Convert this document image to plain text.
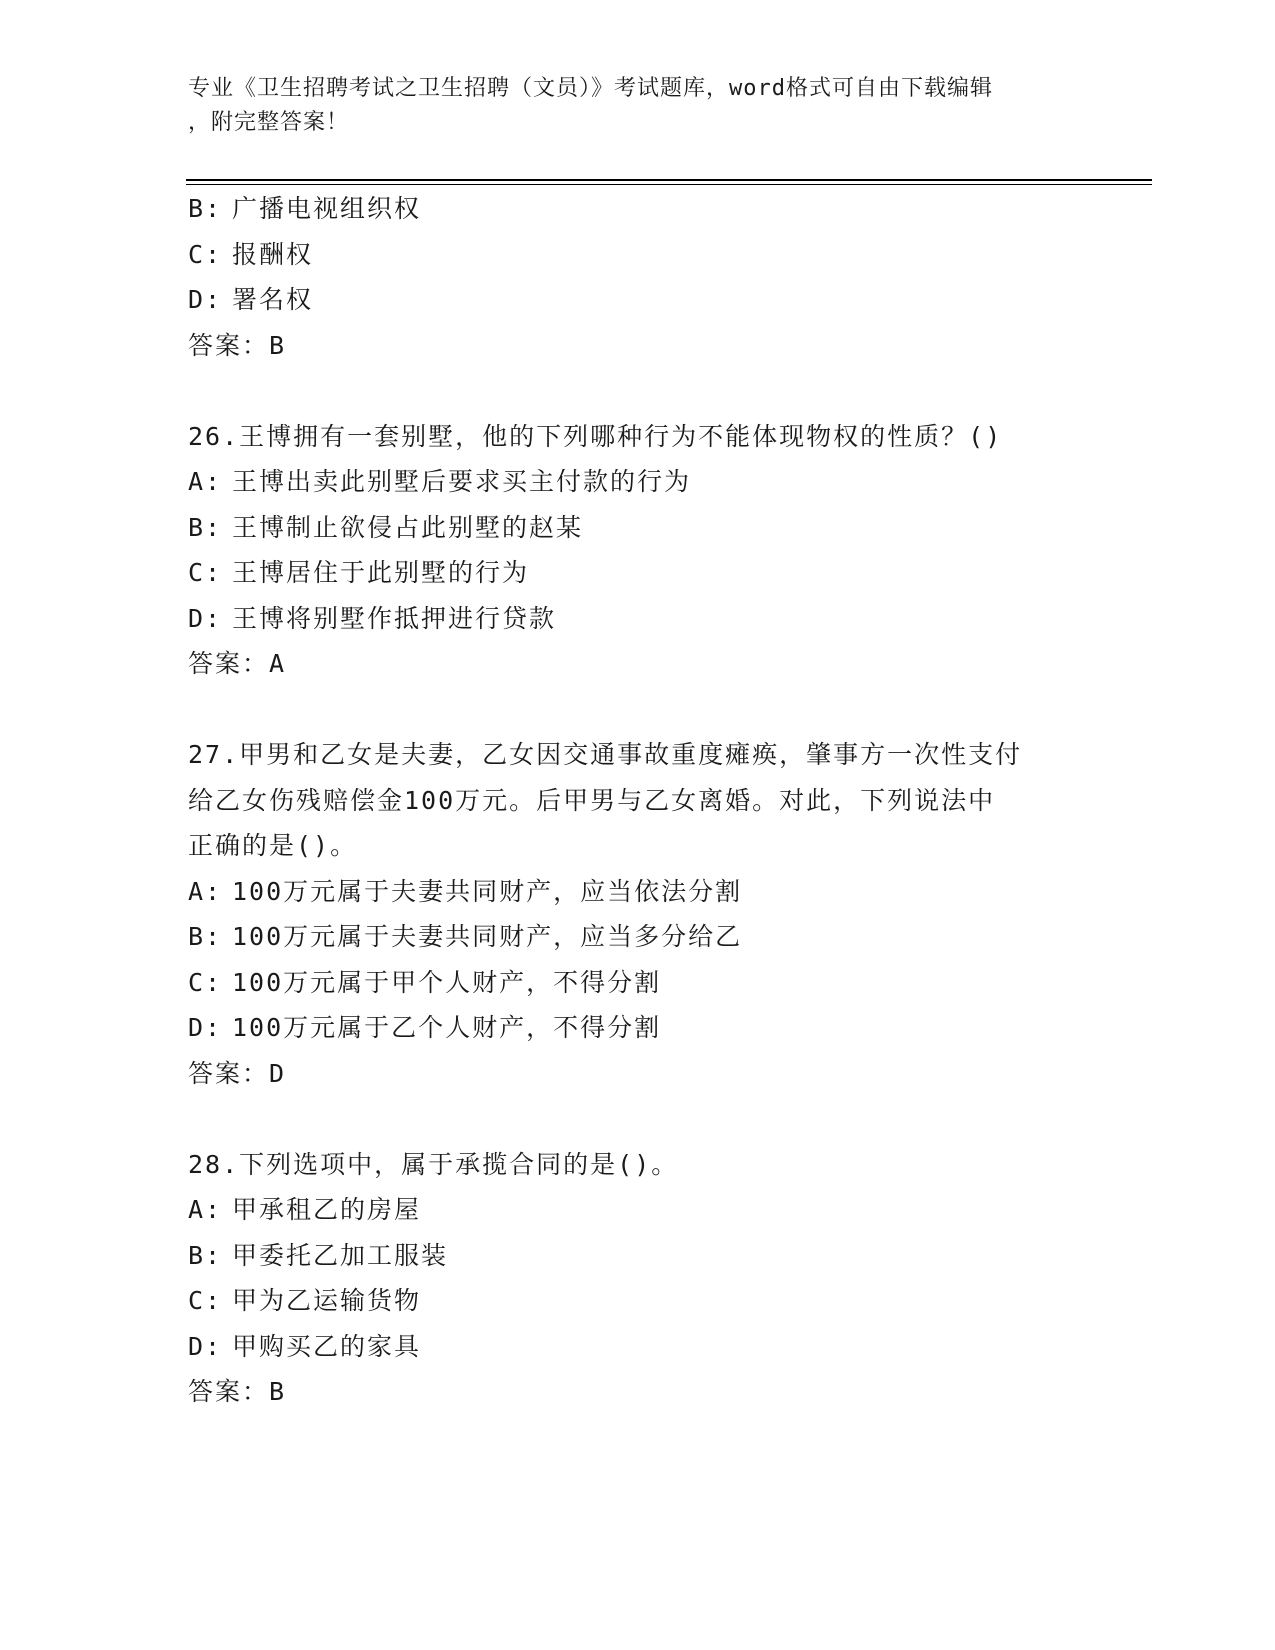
专业《卫生招聘考试之卫生招聘（文员）》考试题库，word格式可自由下载编辑
，附完整答案！
B: 广播电视组织权
C: 报酬权
D: 署名权
答案：B
26.王博拥有一套别墅，他的下列哪种行为不能体现物权的性质？()
A: 王博出卖此别墅后要求买主付款的行为
B: 王博制止欲侵占此别墅的赵某
C: 王博居住于此别墅的行为
D: 王博将别墅作抵押进行贷款
答案：A
27.甲男和乙女是夫妻，乙女因交通事故重度瘫痪，肇事方一次性支付
给乙女伤残赔偿金100万元。后甲男与乙女离婚。对此，下列说法中
正确的是()。
A: 100万元属于夫妻共同财产，应当依法分割
B: 100万元属于夫妻共同财产，应当多分给乙
C: 100万元属于甲个人财产，不得分割
D: 100万元属于乙个人财产，不得分割
答案：D
28.下列选项中，属于承揽合同的是()。
A: 甲承租乙的房屋
B: 甲委托乙加工服装
C: 甲为乙运输货物
D: 甲购买乙的家具
答案：B
